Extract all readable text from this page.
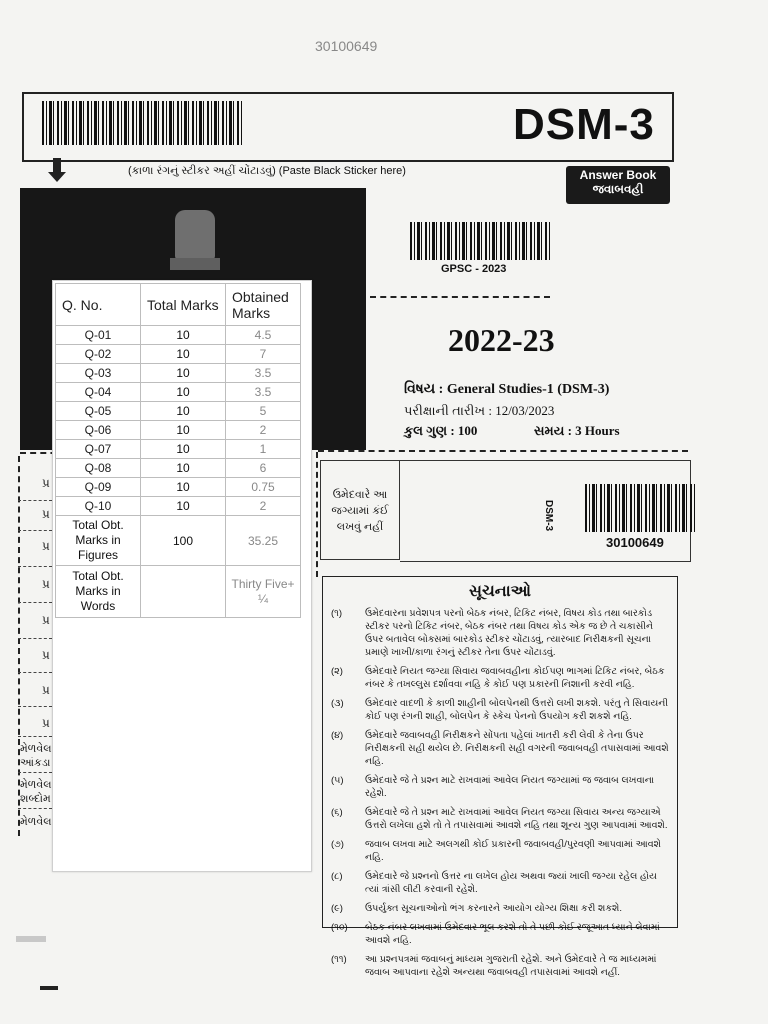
30100649
DSM-3
(કાળા રંગનું સ્ટીકર અહીં ચોંટાડવું) (Paste Black Sticker here)	Answer Book
જવાબવહી
GPSC - 2023
2022-23
વિષય : General Studies-1 (DSM-3)
પરીક્ષાની તારીખ : 12/03/2023
કુલ ગુણ : 100	સમય : 3 Hours
ઉમેદવારે આ જગ્યામાં કંઈ લખવું નહીં	DSM-3
30100649
પ્ર
પ્ર
પ્ર
પ્ર
પ્ર
પ્ર
પ્ર
પ્ર
મેળવેલ આંકડા
મેળવેલ શબ્દોમ
મેળવેલ
Q. No.	Total Marks	Obtained Marks
Q-01	10	4.5
Q-02	10	7
Q-03	10	3.5
Q-04	10	3.5
Q-05	10	5
Q-06	10	2
Q-07	10	1
Q-08	10	6
Q-09	10	0.75
Q-10	10	2
Total Obt. Marks in Figures	100	35.25
Total Obt. Marks in Words		Thirty Five+ ¼	સૂચનાઓ
(૧)	ઉમેદવારના પ્રવેશપત્ર પરનો બેઠક નંબર, ટિકિટ નંબર, વિષય કોડ તથા બારકોડ સ્ટીકર પરનો ટિકિટ નંબર, બેઠક નંબર તથા વિષય કોડ એક જ છે તે ચકાસીને ઉપર બતાવેલ બોક્સમાં બારકોડ સ્ટીકર ચોંટાડવું, ત્યારબાદ નિરીક્ષકની સૂચના પ્રમાણે ખાખી/કાળા રંગનું સ્ટીકર તેના ઉપર ચોંટાડવું.
(૨)	ઉમેદવારે નિયત જગ્યા સિવાય જવાબવહીના કોઈપણ ભાગમાં ટિકિટ નંબર, બેઠક નંબર કે તખલ્લુસ દર્શાવવા નહિ કે કોઈ પણ પ્રકારની નિશાની કરવી નહિ.
(૩)	ઉમેદવાર વાદળી કે કાળી શાહીની બોલપેનથી ઉત્તરો લખી શકશે. પરંતુ તે સિવાયની કોઈ પણ રંગની શાહી, બોલપેન કે સ્કેચ પેનનો ઉપયોગ કરી શકશે નહિ.
(૪)	ઉમેદવારે જવાબવહી નિરીક્ષકને સોંપતા પહેલાં ખાતરી કરી લેવી કે તેના ઉપર નિરીક્ષકની સહી થયેલ છે. નિરીક્ષકની સહી વગરની જવાબવહી તપાસવામાં આવશે નહિ.
(૫)	ઉમેદવારે જે તે પ્રશ્ન માટે રાખવામાં આવેલ નિયત જગ્યામાં જ જવાબ લખવાના રહેશે.
(૬)	ઉમેદવારે જે તે પ્રશ્ન માટે રાખવામાં આવેલ નિયત જગ્યા સિવાય અન્ય જગ્યાએ ઉત્તરો લખેલા હશે તો તે તપાસવામાં આવશે નહિ તથા શૂન્ય ગુણ આપવામાં આવશે.
(૭)	જવાબ લખવા માટે અલગથી કોઈ પ્રકારની જવાબવહી/પુરવણી આપવામાં આવશે નહિ.
(૮)	ઉમેદવારે જે પ્રશ્નનો ઉત્તર ના લખેલ હોય અથવા જ્યાં ખાલી જગ્યા રહેલ હોય ત્યાં ત્રાંસી લીટી કરવાની રહેશે.
(૯)	ઉપર્યુક્ત સૂચનાઓનો ભંગ કરનારને આયોગ યોગ્ય શિક્ષા કરી શકશે.
(૧૦)	બેઠક નંબર લખવામાં ઉમેદવાર ભૂલ કરશે તો તે પછી કોઈ રજૂઆત ધ્યાને લેવામાં આવશે નહિ.
(૧૧)	આ પ્રશ્નપત્રમાં જવાબનું માધ્યમ ગુજરાતી રહેશે. અને ઉમેદવારે તે જ માધ્યમમાં જવાબ આપવાના રહેશે અન્યથા જવાબવહી તપાસવામાં આવશે નહીં.
